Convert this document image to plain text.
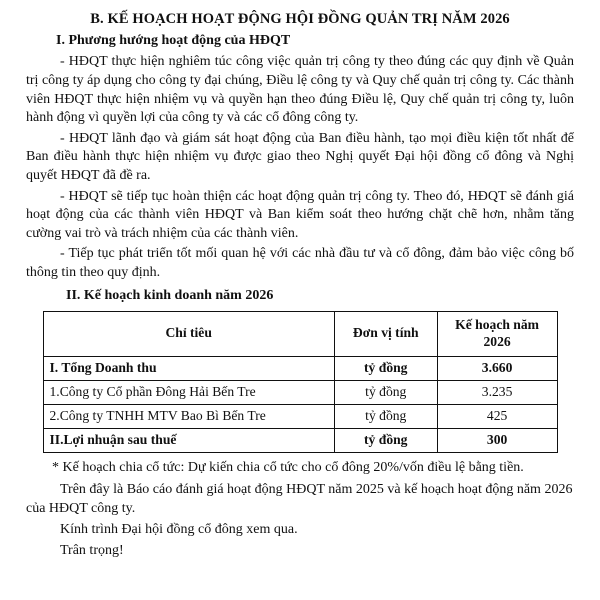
B. KẾ HOẠCH HOẠT ĐỘNG HỘI ĐỒNG QUẢN TRỊ NĂM 2026
I. Phương hướng hoạt động của HĐQT

- HĐQT thực hiện nghiêm túc công việc quản trị công ty theo đúng các quy định về Quản trị công ty áp dụng cho công ty đại chúng, Điều lệ công ty và Quy chế quản trị công ty. Các thành viên HĐQT thực hiện nhiệm vụ và quyền hạn theo đúng Điều lệ, Quy chế quản trị công ty, luôn hành động vì quyền lợi của công ty và các cổ đông công ty.

- HĐQT lãnh đạo và giám sát hoạt động của Ban điều hành, tạo mọi điều kiện tốt nhất để Ban điều hành thực hiện nhiệm vụ được giao theo Nghị quyết Đại hội đồng cổ đông và Nghị quyết HĐQT đã đề ra.

- HĐQT sẽ tiếp tục hoàn thiện các hoạt động quản trị công ty. Theo đó, HĐQT sẽ đánh giá hoạt động của các thành viên HĐQT và Ban kiểm soát theo hướng chặt chẽ hơn, nhằm tăng cường vai trò và trách nhiệm của các thành viên.

- Tiếp tục phát triển tốt mối quan hệ với các nhà đầu tư và cổ đông, đảm bảo việc công bố thông tin theo quy định.

II. Kế hoạch kinh doanh năm 2026
Chỉ tiêu	Đơn vị tính	Kế hoạch năm 2026
I. Tổng Doanh thu	tỷ đồng	3.660
1.Công ty Cổ phần Đông Hải Bến Tre	tỷ đồng	3.235
2.Công ty TNHH MTV Bao Bì Bến Tre	tỷ đồng	425
II.Lợi nhuận sau thuế	tỷ đồng	300

* Kế hoạch chia cổ tức: Dự kiến chia cổ tức cho cổ đông 20%/vốn điều lệ bằng tiền.

Trên đây là Báo cáo đánh giá hoạt động HĐQT năm 2025 và kế hoạch hoạt động năm 2026 của HĐQT công ty.

Kính trình Đại hội đồng cổ đông xem qua.

Trân trọng!
